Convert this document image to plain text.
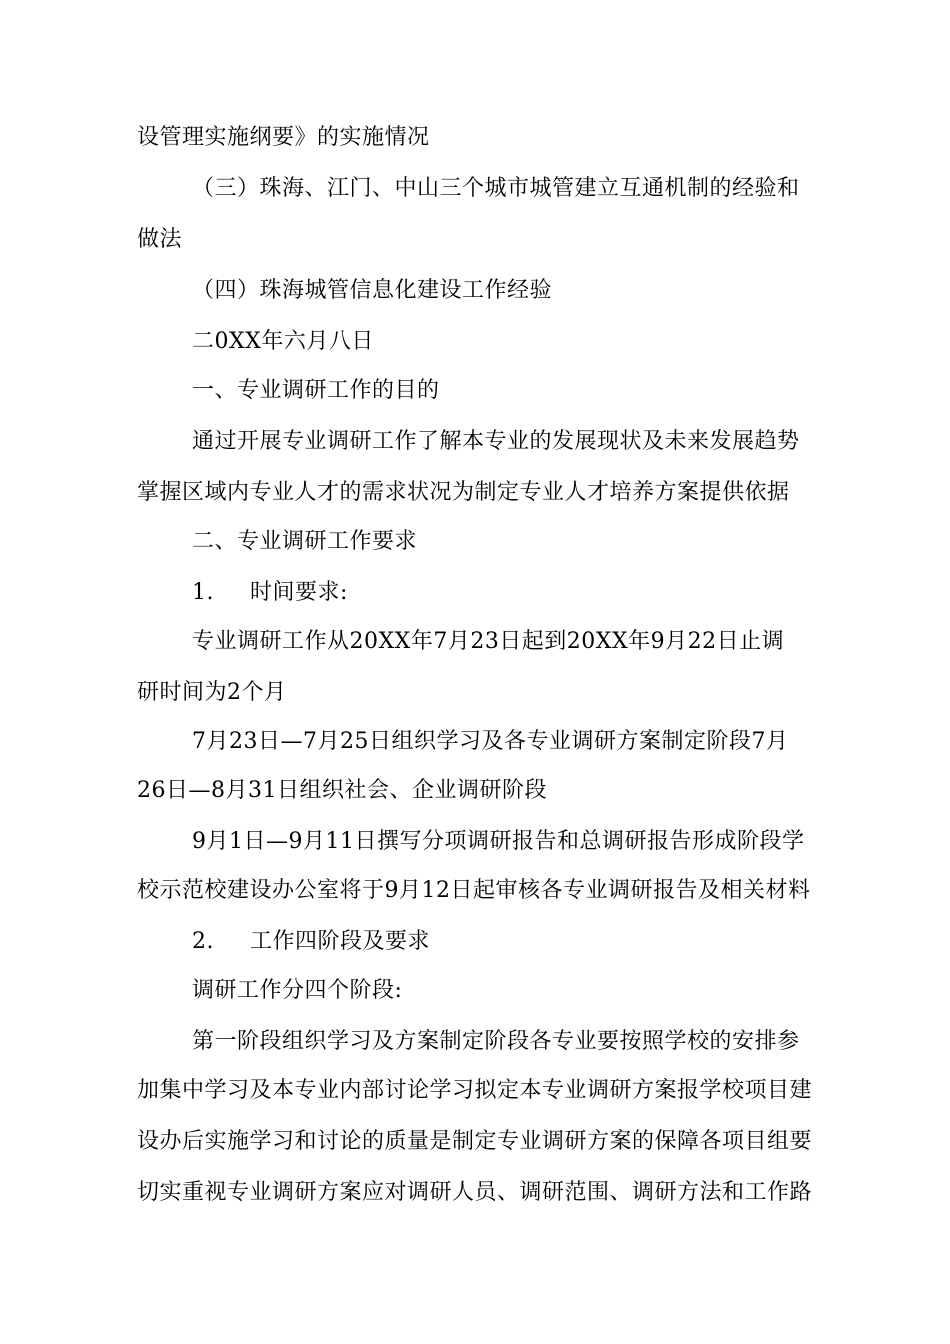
设管理实施纲要》的实施情况
（三）珠海、江门、中山三个城市城管建立互通机制的经验和
做法
（四）珠海城管信息化建设工作经验
二0XX年六月八日
一、专业调研工作的目的
通过开展专业调研工作了解本专业的发展现状及未来发展趋势
掌握区域内专业人才的需求状况为制定专业人才培养方案提供依据
二、专业调研工作要求
1. 时间要求:
专业调研工作从20XX年7月23日起到20XX年9月22日止调
研时间为2个月
7月23日—7月25日组织学习及各专业调研方案制定阶段7月
26日—8月31日组织社会、企业调研阶段
9月1日—9月11日撰写分项调研报告和总调研报告形成阶段学
校示范校建设办公室将于9月12日起审核各专业调研报告及相关材料
2. 工作四阶段及要求
调研工作分四个阶段:
第一阶段组织学习及方案制定阶段各专业要按照学校的安排参
加集中学习及本专业内部讨论学习拟定本专业调研方案报学校项目建
设办后实施学习和讨论的质量是制定专业调研方案的保障各项目组要
切实重视专业调研方案应对调研人员、调研范围、调研方法和工作路
